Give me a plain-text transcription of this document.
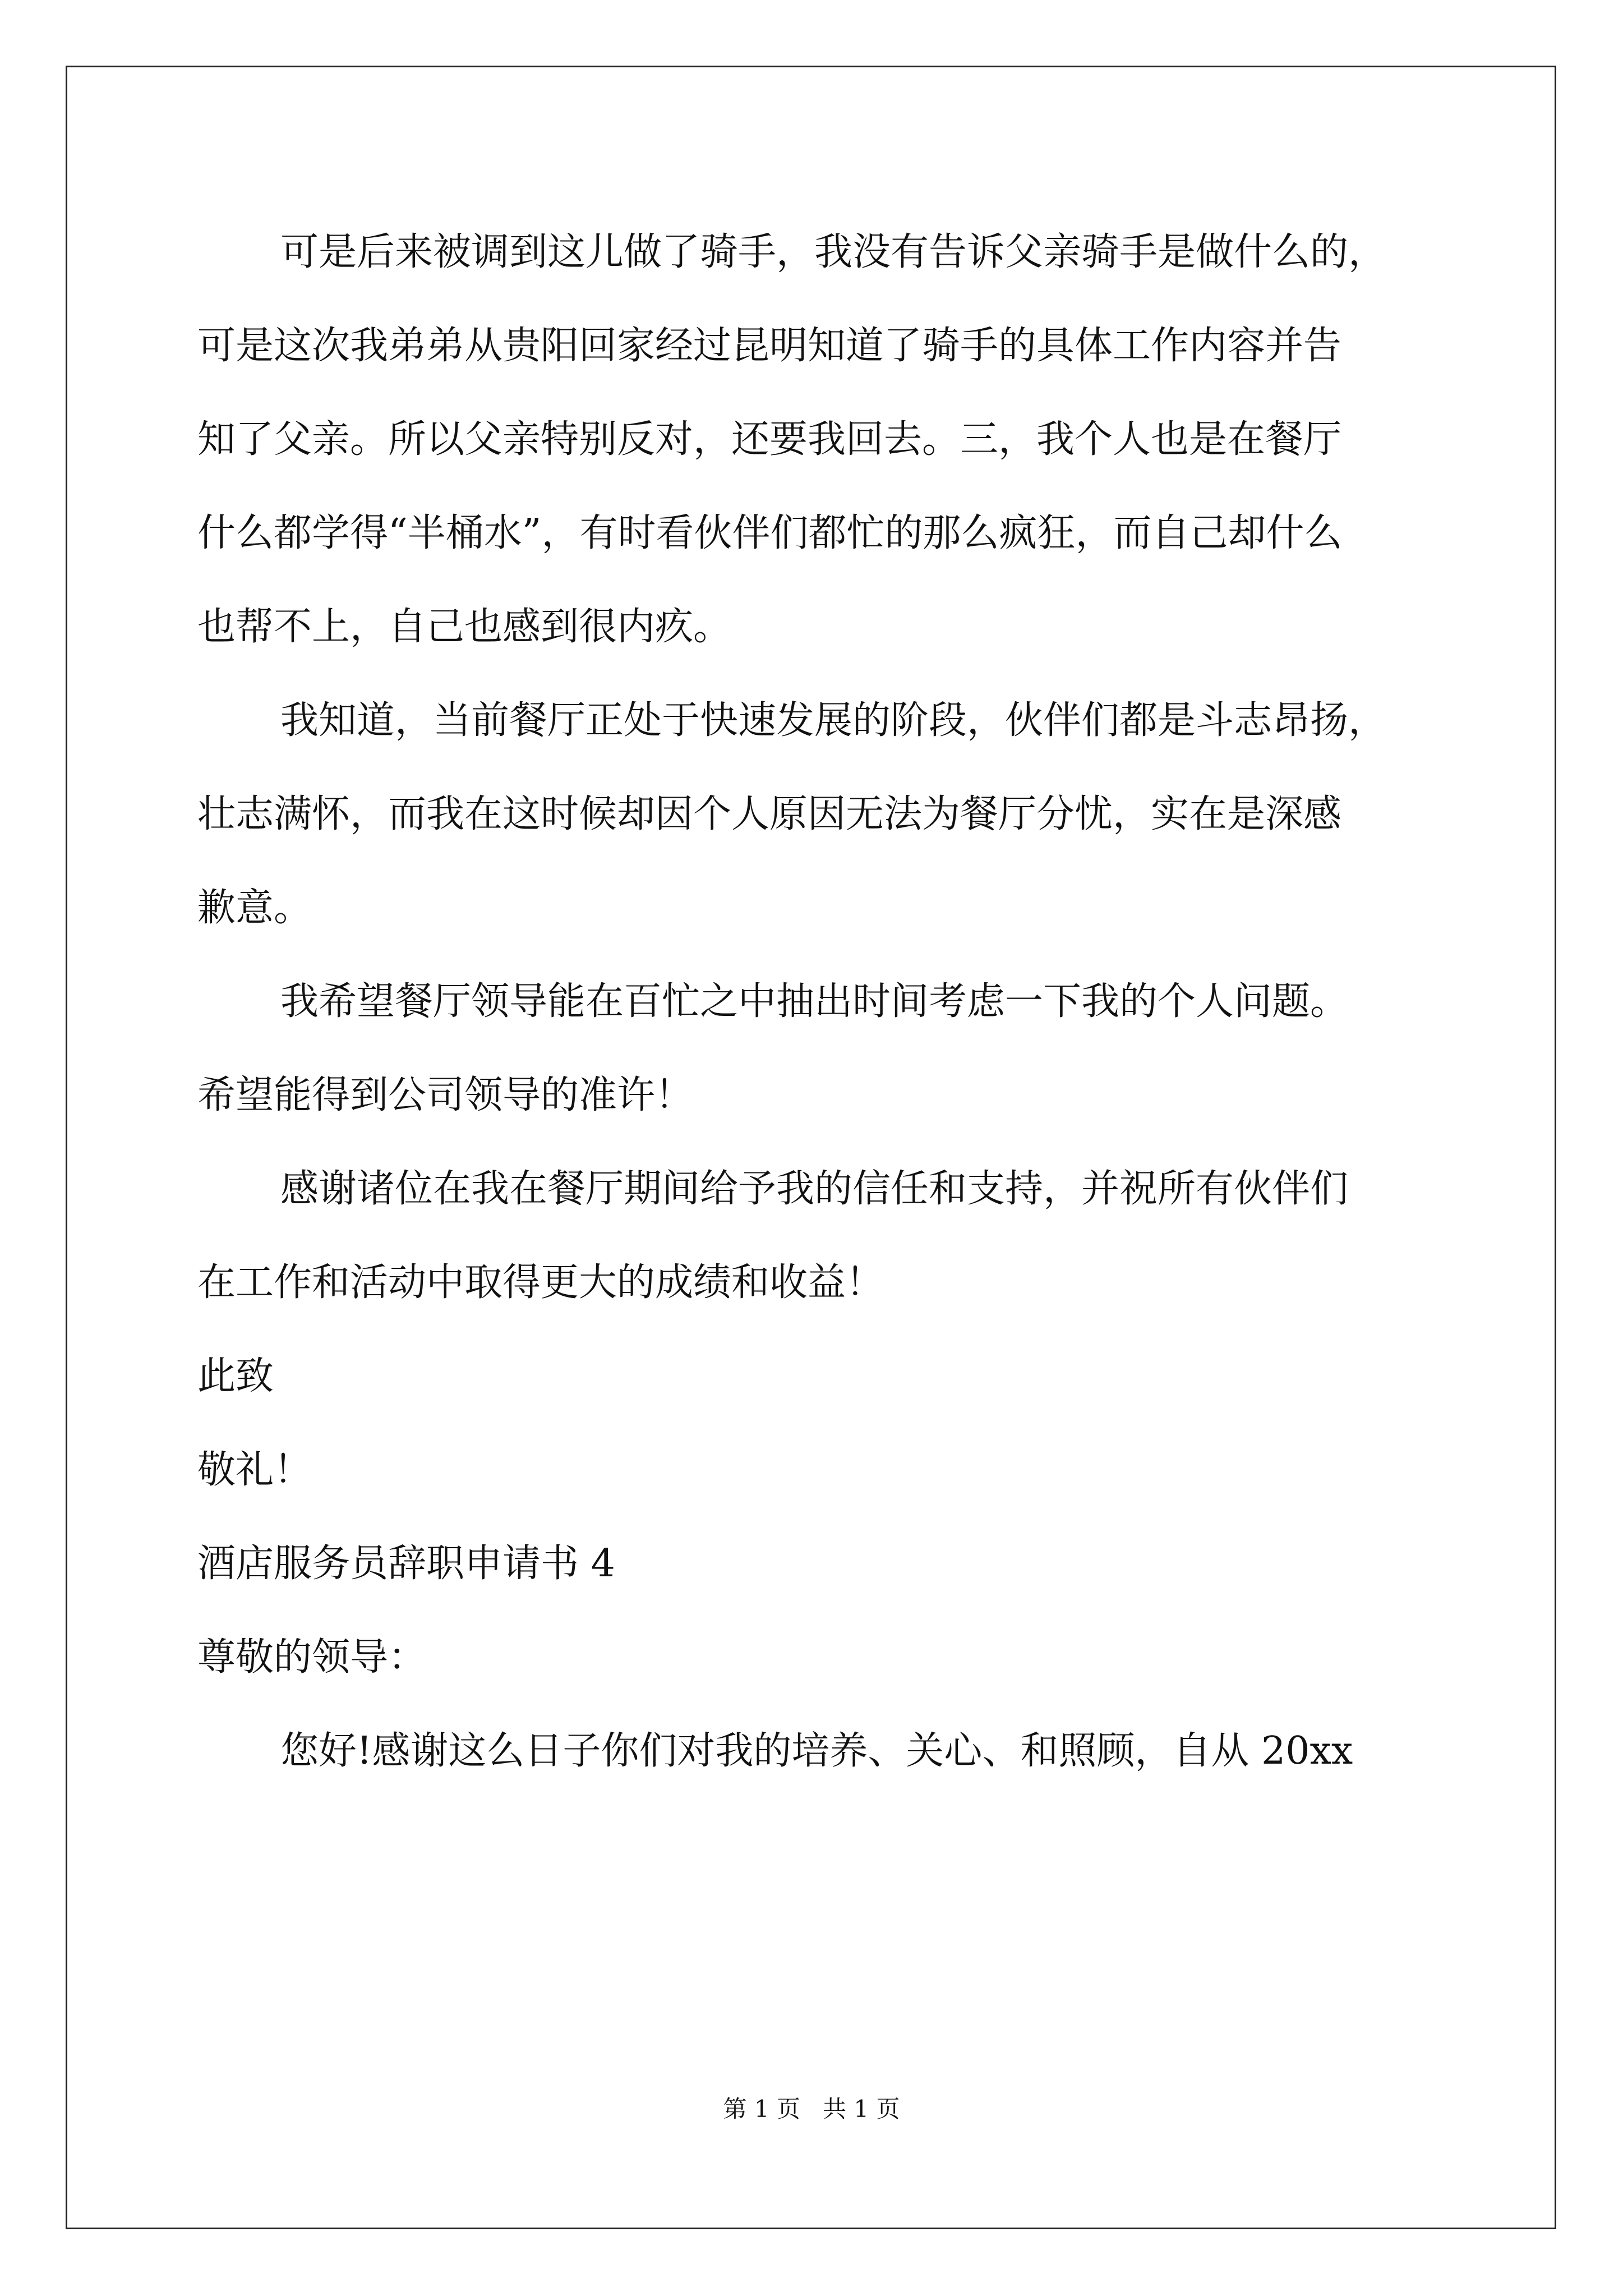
可是后来被调到这儿做了骑手，我没有告诉父亲骑手是做什么的，
可是这次我弟弟从贵阳回家经过昆明知道了骑手的具体工作内容并告
知了父亲。所以父亲特别反对，还要我回去。三，我个人也是在餐厅
什么都学得“半桶水”，有时看伙伴们都忙的那么疯狂，而自己却什么
也帮不上，自己也感到很内疚。
我知道，当前餐厅正处于快速发展的阶段，伙伴们都是斗志昂扬，
壮志满怀，而我在这时候却因个人原因无法为餐厅分忧，实在是深感
歉意。
我希望餐厅领导能在百忙之中抽出时间考虑一下我的个人问题。
希望能得到公司领导的准许！
感谢诸位在我在餐厅期间给予我的信任和支持，并祝所有伙伴们
在工作和活动中取得更大的成绩和收益！
此致
敬礼！
酒店服务员辞职申请书 4
尊敬的领导：
您好!感谢这么日子你们对我的培养、关心、和照顾，自从 20xx
第 1 页   共 1 页
